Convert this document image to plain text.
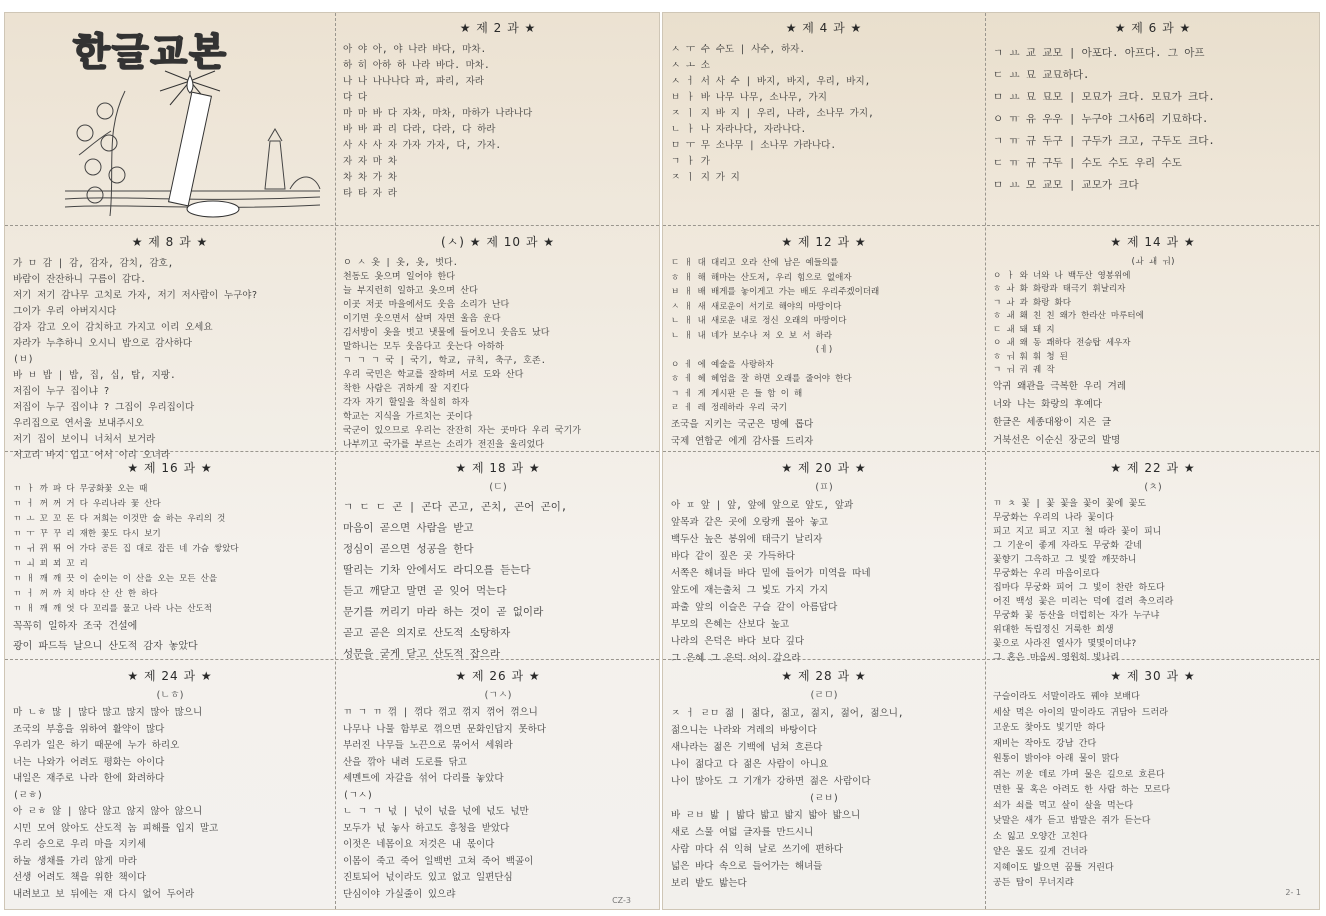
한글교본
★ 제 2 과 ★
아 야 아, 야 나라 바다, 마차.
하 히 아하 하 나라 바다. 마차.
나 나 나나나다 파, 파리, 자라
다 다
마 마 바 다 자차, 마차, 마하가 나라나다
바 바 파 리 다라, 다라, 다 하라
사 사 사 자 가자 가자, 다, 가자.
자 자 마 차
차 차 가 차
타 타 자 라
★ 제 8 과 ★
가 ㅁ 감 | 감, 감자, 감치, 감호,
바람이 잔잔하니 구름이 감다.
저기 저기 감나무 고치로 가자, 저기 저사람이 누구야?
그이가 우리 아버지시다
감자 감고 오이 감치하고 가지고 이리 오세요
자라가 누추하니 오시니 밥으로 감사하다
(ㅂ)
바 ㅂ 밥 | 밥, 집, 십, 탑, 지팡.
저집이 누구 집이냐 ?
저집이 누구 집이냐 ? 그집이 우리집이다
우리집으로 연서울 보내주시오
저기 집이 보이니 너처서 보거라
저고리 바지 입고 어서 이리 오너라
(ㅅ) ★ 제 10 과 ★
ㅇ ㅅ 옷 | 옷, 옷, 벗다.
천동도 옷으며 일어야 한다
늘 부지런히 일하고 옷으며 산다
이곳 저곳 마을에서도 웃음 소리가 난다
이기면 웃으면서 살며 자면 울음 운다
김서방이 옷을 벗고 냇물에 들어오니 웃음도 났다
말하니는 모두 웃음다고 웃는다 아하하
ㄱ ㄱ ㄱ 국 | 국기, 학교, 규칙, 축구, 호존.
우리 국민은 학교를 잘하며 서로 도와 산다
착한 사람은 귀하게 잘 지킨다
각자 자기 할일을 착실히 하자
학교는 지식을 가르치는 곳이다
국군이 있으므로 우리는 잔잔히 자는 곳마다 우리 국기가
나부끼고 국가를 부르는 소리가 전진을 울리었다
★ 제 16 과 ★
ㄲ ㅏ 까 파 다 무궁화꽃 오는 때
ㄲ ㅓ 꺼 꺼 거 다 우리나라 꽃 산다
ㄲ ㅗ 꼬 꼬 돈 다 저희는 이것만 술 하는 우리의 것
ㄲ ㅜ 꾸 꾸 리 재한 꽃도 다시 보기
ㄲ ㅟ 뀌 뛰 어 가다 공든 집 대로 잡든 네 가슴 쌓았다
ㄲ ㅚ 꾀 꾀 꼬 리
ㄲ ㅐ 깨 깨 끗 이 순이는 이 산을 오는 모든 산을
ㄲ ㅓ 꺼 까 치 바다 산 산 한 하다
ㄲ ㅐ 깨 깨 엇 다 꼬리를 물고 나라 나는 산도적
꼭꼭히 일하자 조국 건설에
광이 파드득 날으니 산도적 감자 놓았다
★ 제 18 과 ★
(ㄷ)
ㄱ ㄷ ㄷ 곤 | 곤다 곤고, 곤치, 곤어 곤이,
마음이 곧으면 사람을 받고
정심이 곧으면 성공을 한다
딸리는 기차 안에서도 라디오를 듣는다
듣고 깨닫고 말면 곧 잊어 먹는다
문기를 꺼리기 마라 하는 것이 곧 없이라
곧고 곧은 의지로 산도적 소탕하자
성문을 굳게 닫고 산도적 잡으라
★ 제 24 과 ★
(ㄴㅎ)
마 ㄴㅎ 많 | 많다 많고 많지 많아 많으니
조국의 부흥을 위하여 활약이 많다
우리가 일은 하기 때문에 누가 하리오
너는 나와가 어려도 평화는 아이다
내일은 재주로 나라 한에 화려하다
(ㄹㅎ)
아 ㄹㅎ 않 | 않다 않고 않지 않아 않으니
시민 모여 앉아도 산도적 놈 피해를 입지 말고
우리 승으로 우리 마을 지키세
하눌 생채를 가리 않게 마라
선생 어려도 책을 위한 책이다
내려보고 보 뒤에는 재 다시 없어 두어라
★ 제 26 과 ★
(ㄱㅅ)
ㄲ ㄱ ㄲ 꺾 | 꺾다 꺾고 꺾지 꺾어 꺾으니
나무나 나물 함부로 꺾으면 문화인답지 못하다
부러진 나무들 노끈으로 묶어서 세워라
산을 깎아 내려 도로를 닦고
세멘트에 자갈을 섞어 다리를 놓았다
(ㄱㅅ)
ㄴ ㄱ ㄱ 넋 | 넋이 넋을 넋에 넋도 넋만
모두가 넋 놓사 하고도 흥청을 받았다
이젓은 네몸이요 저것은 내 몫이다
이몸이 죽고 죽어 일백번 고쳐 죽어 백골이
진토되어 넋이라도 있고 없고 일편단심
단심이야 가실줄이 있으랴
CZ-3
★ 제 4 과 ★
ㅅ ㅜ 수 수도 | 사수, 하자.
ㅅ ㅗ 소
ㅅ ㅓ 서 사 수 | 바지, 바지, 우리, 바지,
ㅂ ㅏ 바 나무 나무, 소나무, 가지
ㅈ ㅣ 지 바 지 | 우리, 나라, 소나무 가지,
ㄴ ㅏ 나 자라나다, 자라나다.
ㅁ ㅜ 무 소나무 | 소나무 가라나다.
ㄱ ㅏ 가
ㅈ ㅣ 지 가 지
★ 제 6 과 ★
ㄱ ㅛ 교 교모 | 아포다. 아프다. 그 아프
ㄷ ㅛ 묘 교묘하다.
ㅁ ㅛ 묘 묘모 | 모묘가 크다. 모묘가 크다.
ㅇ ㅠ 유 우우 | 누구야 그사6리 기묘하다.
ㄱ ㅠ 규 두구 | 구두가 크고, 구두도 크다.
ㄷ ㅠ 규 구두 | 수도 수도 우리 수도
ㅁ ㅛ 모 교모 | 교모가 크다
★ 제 12 과 ★
ㄷ ㅐ 대 대리고 오라 산에 남은 예들의를
ㅎ ㅐ 해 해마는 산도저, 우리 힘으로 없애자
ㅂ ㅐ 배 배게를 놓이게고 가는 배도 우리주겠이더래
ㅅ ㅐ 새 새로운이 서기로 해야의 마땅이다
ㄴ ㅐ 내 새로운 내로 정신 오래의 마땅이다
ㄴ ㅐ 내 네가 보수나 저 오 보 서 하라
(ㅔ)
ㅇ ㅔ 에 예술을 사랑하자
ㅎ ㅔ 헤 헤엄을 잘 하면 오래를 줄어야 한다
ㄱ ㅔ 게 게시판 은 들 함 이 해
ㄹ ㅔ 레 정레하라 우리 국기
조국을 지키는 국군은 명예 롭다
국제 연합군 에게 감사를 드리자
★ 제 14 과 ★
(ㅘ ㅙ ㅝ)
ㅇ ㅏ 와 너와 나 백두산 영봉위에
ㅎ ㅘ 화 화랑과 태극기 휘날리자
ㄱ ㅘ 과 화랑 화다
ㅎ ㅙ 홰 친 친 왜가 한라산 마루터에
ㄷ ㅙ 돼 돼 지
ㅇ ㅙ 왜 동 쾌하다 전승탑 세우자
ㅎ ㅝ 훠 훠 청 된
ㄱ ㅝ 궈 궤 작
악귀 왜관을 극복한 우리 겨레
너와 나는 화랑의 후예다
한글은 세종대왕이 지은 글
거북선은 이순신 장군의 발명
★ 제 20 과 ★
(ㅍ)
아 ㅍ 앞 | 앞, 앞에 앞으로 앞도, 앞과
앞목과 같은 곳에 오랑캐 몰아 놓고
백두산 높은 봉위에 태극기 날리자
바다 같이 짚은 곳 가득하다
서쪽은 해녀들 바다 밑에 들어가 미역을 따네
앞도에 재는출처 그 빛도 가지 가지
파출 앞의 이슬은 구슬 같이 아름답다
부모의 은혜는 산보다 높고
나라의 은덕은 바다 보다 깊다
그 은혜 그 은덕 어이 갚으라
★ 제 22 과 ★
(ㅊ)
ㄲ ㅊ 꽃 | 꽃 꽃을 꽃이 꽃에 꽃도
무궁화는 우리의 나라 꽃이다
피고 지고 피고 지고 철 따라 꽃이 피니
그 기운이 좋게 자라도 무궁화 같네
꽃향기 그윽하고 그 빛깔 깨끗하니
무궁화는 우리 마음이로다
집마다 무궁화 피어 그 빛이 찬란 하도다
어진 백성 꽃은 미리는 덕에 걸려 축으리라
무궁화 꽃 동산을 더럽히는 자가 누구냐
위대한 독립정신 거룩한 희생
꽃으로 사라진 열사가 몇몇이더냐?
그 혼은 마음씨 영원히 빛나리
★ 제 28 과 ★
(ㄹㅁ)
ㅈ ㅓ ㄹㅁ 젊 | 젊다, 젊고, 젊지, 젊어, 젊으니,
젊으니는 나라와 겨레의 바탕이다
새나라는 젊은 기백에 넘쳐 흐른다
나이 젊다고 다 젊은 사람이 아니요
나이 많아도 그 기개가 강하면 젊은 사람이다
(ㄹㅂ)
바 ㄹㅂ 밟 | 밟다 밟고 밟지 밟아 밟으니
새로 스물 여덟 글자를 만드시니
사람 마다 쉬 익혀 날로 쓰기에 편하다
넓은 바다 속으로 들어가는 해녀들
보리 밭도 밟는다
★ 제 30 과 ★
구슬이라도 서말이라도 꿰야 보배다
세살 먹은 아이의 말이라도 귀담아 드러라
고운도 찾아도 빛기만 하다
재비는 작아도 강남 간다
원통이 밝아야 아래 물이 맑다
쥐는 끼운 데로 가며 물은 길으로 흐른다
면한 물 혹은 아려도 한 사람 하는 모르다
쇠가 쇠를 먹고 살이 살을 먹는다
낮말은 새가 듣고 밤말은 쥐가 듣는다
소 잃고 오양간 고친다
얕은 물도 깊게 건너라
지혜이도 밟으면 꿈틀 거린다
공든 탑이 무너지랴
2- 1
